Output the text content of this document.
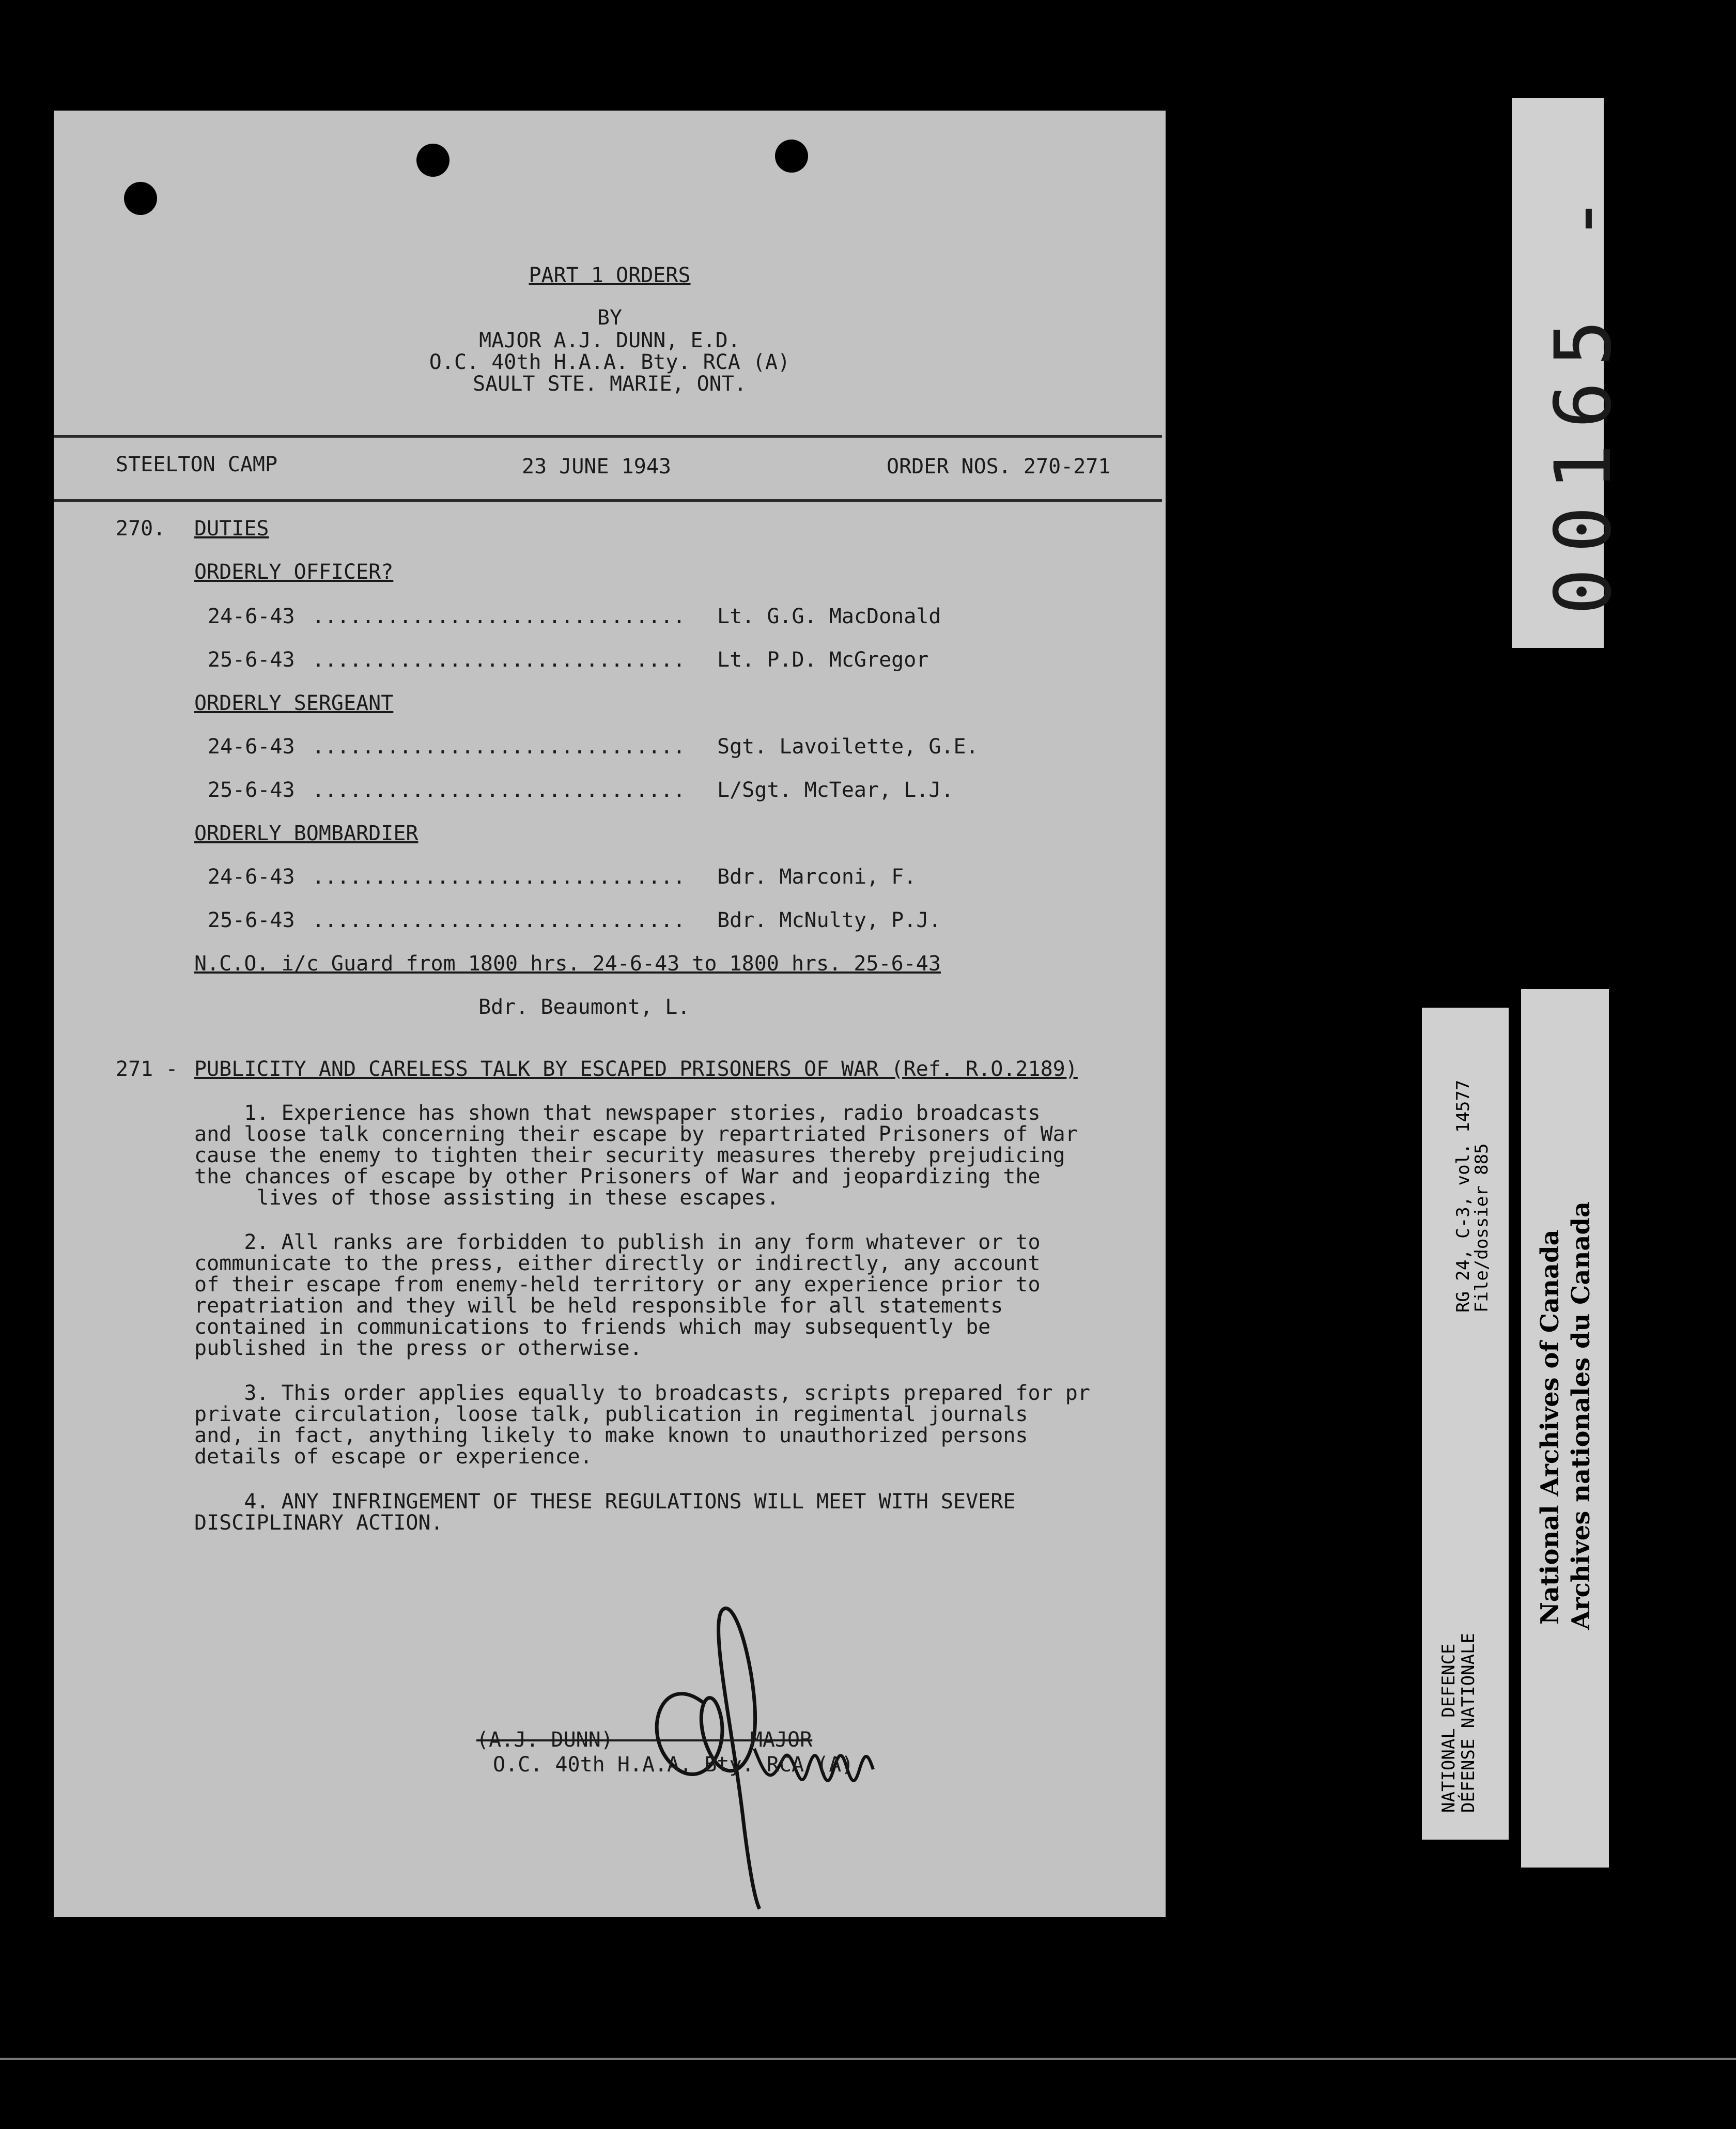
PART 1 ORDERS
BY
MAJOR A.J. DUNN, E.D.
O.C. 40th H.A.A. Bty. RCA (A)
SAULT STE. MARIE, ONT.
STEELTON CAMP	23 JUNE 1943	ORDER NOS. 270-271
270. DUTIES
ORDERLY OFFICER?
24-6-43 .............................. Lt. G.G. MacDonald
25-6-43 .............................. Lt. P.D. McGregor
ORDERLY SERGEANT
24-6-43 .............................. Sgt. Lavoilette, G.E.
25-6-43 .............................. L/Sgt. McTear, L.J.
ORDERLY BOMBARDIER
24-6-43 .............................. Bdr. Marconi, F.
25-6-43 .............................. Bdr. McNulty, P.J.
N.C.O. i/c Guard from 1800 hrs. 24-6-43 to 1800 hrs. 25-6-43
Bdr. Beaumont, L.
271 - PUBLICITY AND CARELESS TALK BY ESCAPED PRISONERS OF WAR (Ref. R.O.2189)
1. Experience has shown that newspaper stories, radio broadcasts
and loose talk concerning their escape by repartriated Prisoners of War
cause the enemy to tighten their security measures thereby prejudicing
the chances of escape by other Prisoners of War and jeopardizing the
lives of those assisting in these escapes.
2. All ranks are forbidden to publish in any form whatever or to
communicate to the press, either directly or indirectly, any account
of their escape from enemy-held territory or any experience prior to
repatriation and they will be held responsible for all statements
contained in communications to friends which may subsequently be
published in the press or otherwise.
3. This order applies equally to broadcasts, scripts prepared for pr
private circulation, loose talk, publication in regimental journals
and, in fact, anything likely to make known to unauthorized persons
details of escape or experience.
4. ANY INFRINGEMENT OF THESE REGULATIONS WILL MEET WITH SEVERE
DISCIPLINARY ACTION.
(A.J. DUNN)           MAJOR
O.C. 40th H.A.A. Bty. RCA (A)
00165 -
NATIONAL DEFENCE
DÉFENSE NATIONALE
RG 24, C-3, vol. 14577
File/dossier 885
National Archives of Canada Archives nationales du Canada
